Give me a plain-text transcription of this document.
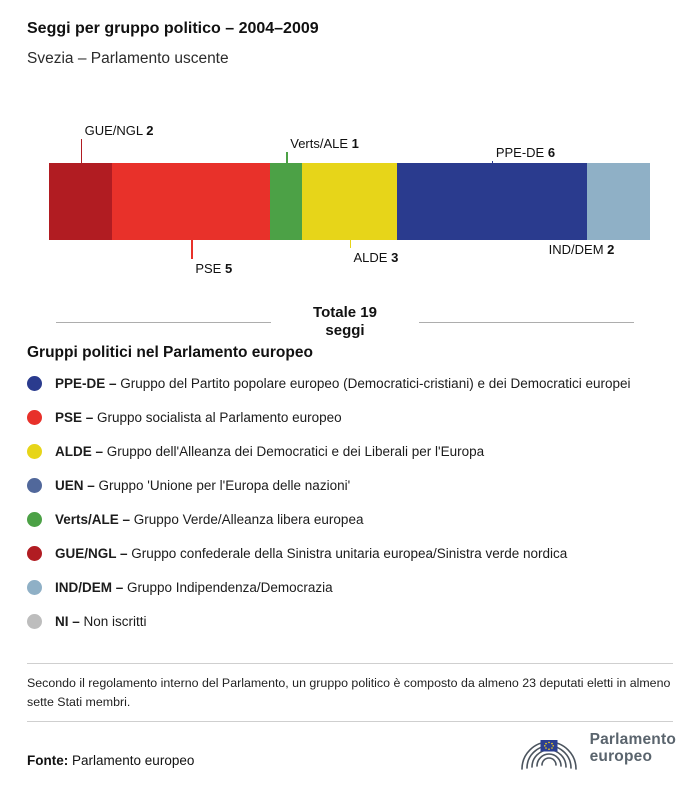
Seggi per gruppo politico – 2004–2009
Svezia – Parlamento uscente
GUE/NGL 2
PSE 5
Verts/ALE 1
ALDE 3
PPE-DE 6
IND/DEM 2
Totale 19 seggi
Gruppi politici nel Parlamento europeo
PPE-DE – Gruppo del Partito popolare europeo (Democratici-cristiani) e dei Democratici europei
PSE – Gruppo socialista al Parlamento europeo
ALDE – Gruppo dell'Alleanza dei Democratici e dei Liberali per l'Europa
UEN – Gruppo 'Unione per l'Europa delle nazioni'
Verts/ALE – Gruppo Verde/Alleanza libera europea
GUE/NGL – Gruppo confederale della Sinistra unitaria europea/Sinistra verde nordica
IND/DEM – Gruppo Indipendenza/Democrazia
NI – Non iscritti

Secondo il regolamento interno del Parlamento, un gruppo politico è composto da almeno 23 deputati eletti in almeno sette Stati membri.

Fonte: Parlamento europeo

Parlamento
europeo
